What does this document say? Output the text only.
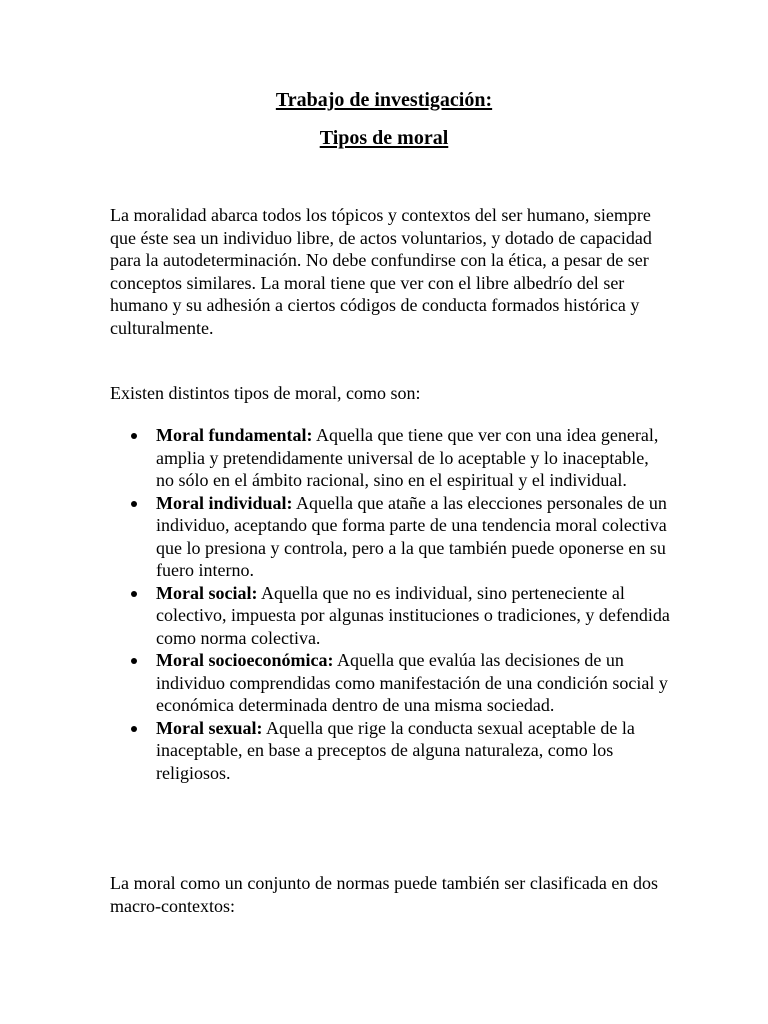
Trabajo de investigación:
Tipos de moral
La moralidad abarca todos los tópicos y contextos del ser humano, siempre que éste sea un individuo libre, de actos voluntarios, y dotado de capacidad para la autodeterminación. No debe confundirse con la ética, a pesar de ser conceptos similares. La moral tiene que ver con el libre albedrío del ser humano y su adhesión a ciertos códigos de conducta formados histórica y culturalmente.
Existen distintos tipos de moral, como son:
Moral fundamental: Aquella que tiene que ver con una idea general, amplia y pretendidamente universal de lo aceptable y lo inaceptable, no sólo en el ámbito racional, sino en el espiritual y el individual.
Moral individual: Aquella que atañe a las elecciones personales de un individuo, aceptando que forma parte de una tendencia moral colectiva que lo presiona y controla, pero a la que también puede oponerse en su fuero interno.
Moral social: Aquella que no es individual, sino perteneciente al colectivo, impuesta por algunas instituciones o tradiciones, y defendida como norma colectiva.
Moral socioeconómica: Aquella que evalúa las decisiones de un individuo comprendidas como manifestación de una condición social y económica determinada dentro de una misma sociedad.
Moral sexual: Aquella que rige la conducta sexual aceptable de la inaceptable, en base a preceptos de alguna naturaleza, como los religiosos.
La moral como un conjunto de normas puede también ser clasificada en dos macro-contextos:
